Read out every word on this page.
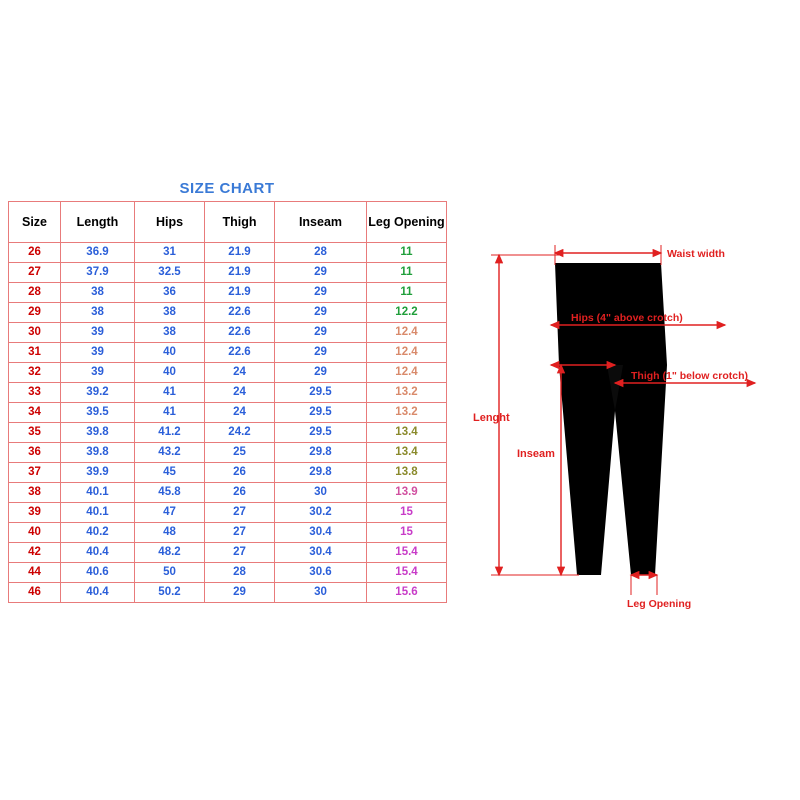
SIZE CHART
Size	Length	Hips	Thigh	Inseam	Leg Opening
26	36.9	31	21.9	28	11
27	37.9	32.5	21.9	29	11
28	38	36	21.9	29	11
29	38	38	22.6	29	12.2
30	39	38	22.6	29	12.4
31	39	40	22.6	29	12.4
32	39	40	24	29	12.4
33	39.2	41	24	29.5	13.2
34	39.5	41	24	29.5	13.2
35	39.8	41.2	24.2	29.5	13.4
36	39.8	43.2	25	29.8	13.4
37	39.9	45	26	29.8	13.8
38	40.1	45.8	26	30	13.9
39	40.1	47	27	30.2	15
40	40.2	48	27	30.4	15
42	40.4	48.2	27	30.4	15.4
44	40.6	50	28	30.6	15.4
46	40.4	50.2	29	30	15.6
Waist width
Hips (4" above crotch)
Thigh (1" below crotch)
Lenght
Inseam
Leg Opening
